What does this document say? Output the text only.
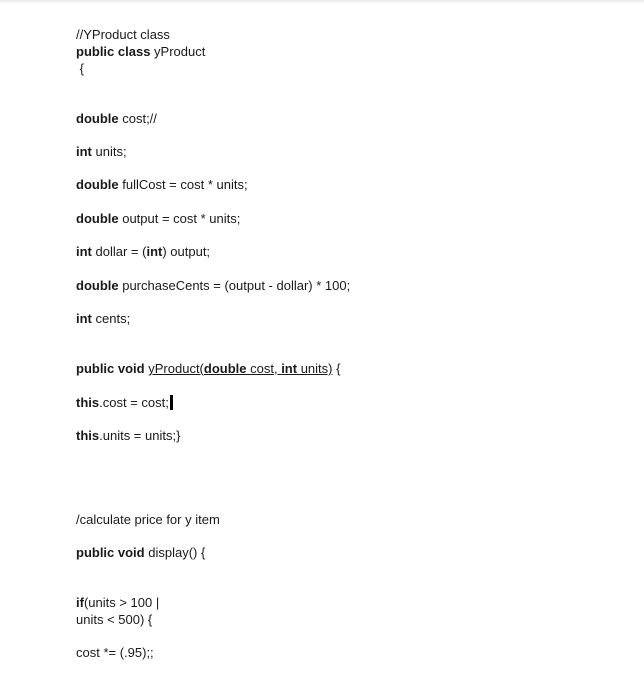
//YProduct class
public class yProduct
{
double cost;//
int units;
double fullCost = cost * units;
double output = cost * units;
int dollar = (int) output;
double purchaseCents = (output - dollar) * 100;
int cents;
public void yProduct(double cost, int units) {
this.cost = cost;
this.units = units;}
/calculate price for y item
public void display() {
if(units > 100 |
units < 500) {
cost *= (.95);;
